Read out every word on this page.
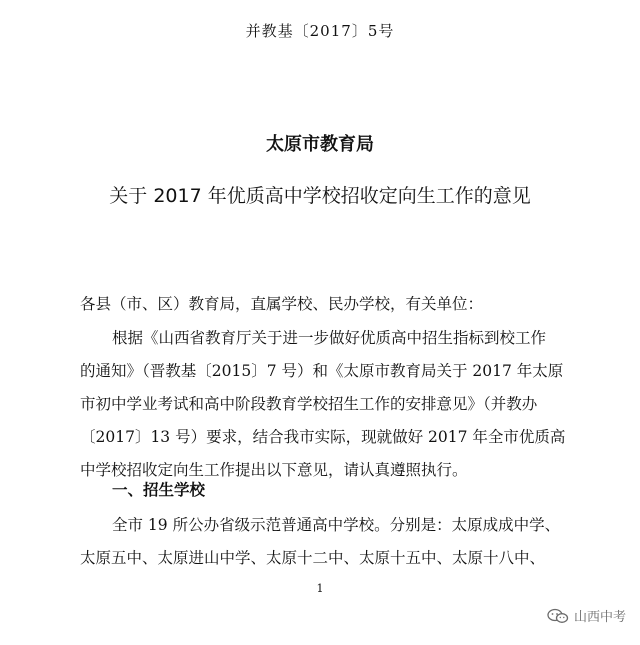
并教基〔2017〕5号
太原市教育局
关于 2017 年优质高中学校招收定向生工作的意见
各县（市、区）教育局，直属学校、民办学校，有关单位：
根据《山西省教育厅关于进一步做好优质高中招生指标到校工作
的通知》（晋教基〔2015〕7 号）和《太原市教育局关于 2017 年太原
市初中学业考试和高中阶段教育学校招生工作的安排意见》（并教办
〔2017〕13 号）要求，结合我市实际，现就做好 2017 年全市优质高
中学校招收定向生工作提出以下意见，请认真遵照执行。
全市 19 所公办省级示范普通高中学校。分别是：太原成成中学、
太原五中、太原进山中学、太原十二中、太原十五中、太原十八中、
一、招生学校
1
山西中考
